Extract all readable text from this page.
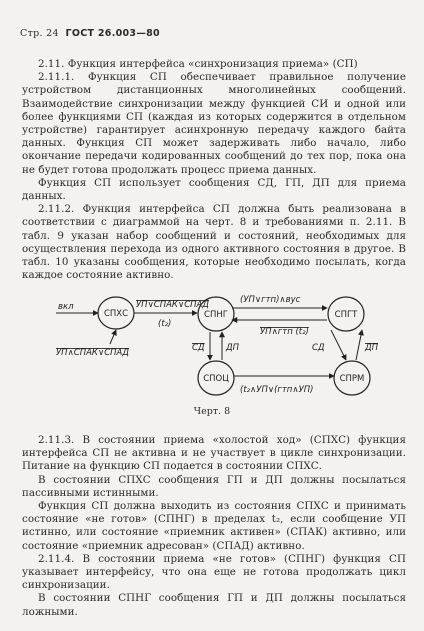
Стр. 24 ГОСТ 26.003—80

2.11. Функция интерфейса «синхронизация приема» (СП)

2.11.1. Функция СП обеспечивает правильное получение устройством дистанционных многолинейных сообщений. Взаимодействие синхронизации между функцией СИ и одной или более функциями СП (каждая из которых содержится в отдельном устройстве) гарантирует асинхронную передачу каждого байта данных. Функция СП может задерживать либо начало, либо окончание передачи кодированных сообщений до тех пор, пока она не будет готова продолжать процесс приема данных.

Функция СП использует сообщения СД, ГП, ДП для приема данных.

2.11.2. Функция интерфейса СП должна быть реализована в соответствии с диаграммой на черт. 8 и требованиями п. 2.11. В табл. 9 указан набор сообщений и состояний, необходимых для осуществления перехода из одного активного состояния в другое. В табл. 10 указаны сообщения, которые необходимо посылать, когда каждое состояние активно.

вкл
УП∧СПАК∨СПАД
УП∨СПАК∨СПАД
(t₂)
(УП∨гтп)∧вус
УП∧гтп (t₂)
СД	ДП	СД	ДП
(t₂∧УП∨(гтп∧УП)
СПХС	СПНГ	СПГТ
СПОЦ	СПРМ
Черт. 8

2.11.3. В состоянии приема «холостой ход» (СПХС) функция интерфейса СП не активна и не участвует в цикле синхронизации. Питание на функцию СП подается в состоянии СПХС.

В состоянии СПХС сообщения ГП и ДП должны посылаться пассивными истинными.

Функция СП должна выходить из состояния СПХС и принимать состояние «не готов» (СПНГ) в пределах t₂, если сообщение УП истинно, или состояние «приемник активен» (СПАК) активно, или состояние «приемник адресован» (СПАД) активно.

2.11.4. В состоянии приема «не готов» (СПНГ) функция СП указывает интерфейсу, что она еще не готова продолжать цикл синхронизации.

В состоянии СПНГ сообщения ГП и ДП должны посылаться ложными.
